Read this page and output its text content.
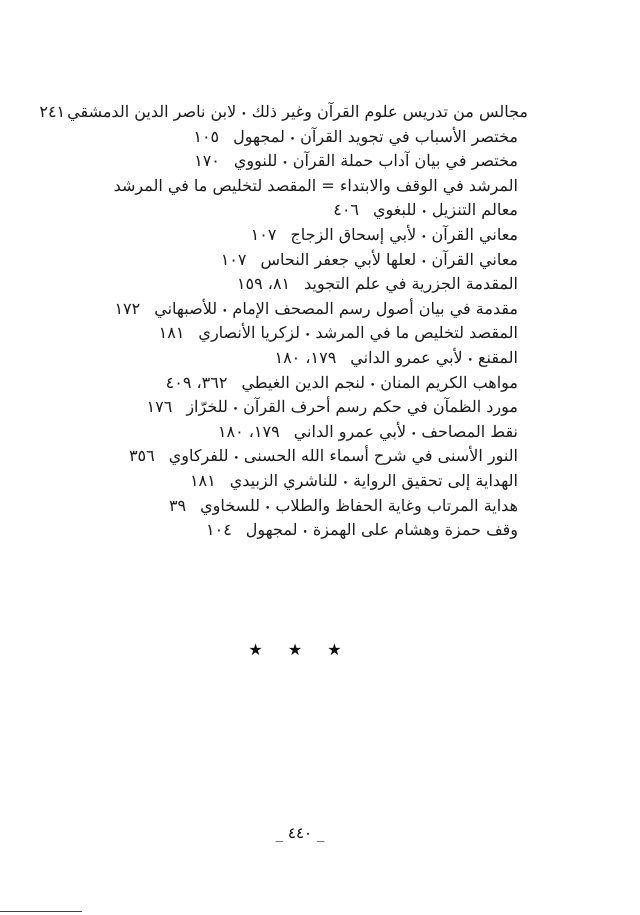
مجالس من تدريس علوم القرآن وغير ذلك
•
لابن ناصر الدين الدمشقي
٢٤١
مختصر الأسباب في تجويد القرآن
•
لمجهول
١٠٥
مختصر في بيان آداب حملة القرآن
•
للنووي
١٧٠
المرشد في الوقف والابتداء = المقصد لتخليص ما في المرشد
معالم التنزيل
•
للبغوي
٤٠٦
معاني القرآن
•
لأبي إسحاق الزجاج
١٠٧
معاني القرآن
•
لعلها لأبي جعفر النحاس
١٠٧
المقدمة الجزرية في علم التجويد
٨١، ١٥٩
مقدمة في بيان أصول رسم المصحف الإمام
•
للأصبهاني
١٧٢
المقصد لتخليص ما في المرشد
•
لزكريا الأنصاري
١٨١
المقنع
•
لأبي عمرو الداني
١٧٩، ١٨٠
مواهب الكريم المنان
•
لنجم الدين الغيطي
٣٦٢، ٤٠٩
مورد الظمآن في حكم رسم أحرف القرآن
•
للخرّاز
١٧٦
نقط المصاحف
•
لأبي عمرو الداني
١٧٩، ١٨٠
النور الأسنى في شرح أسماء الله الحسنى
•
للفركاوي
٣٥٦
الهداية إلى تحقيق الرواية
•
للناشري الزبيدي
١٨١
هداية المرتاب وغاية الحفاظ والطلاب
•
للسخاوي
٣٩
وقف حمزة وهشام على الهمزة
•
لمجهول
١٠٤
★ ★ ★
_ ٤٤٠ _
